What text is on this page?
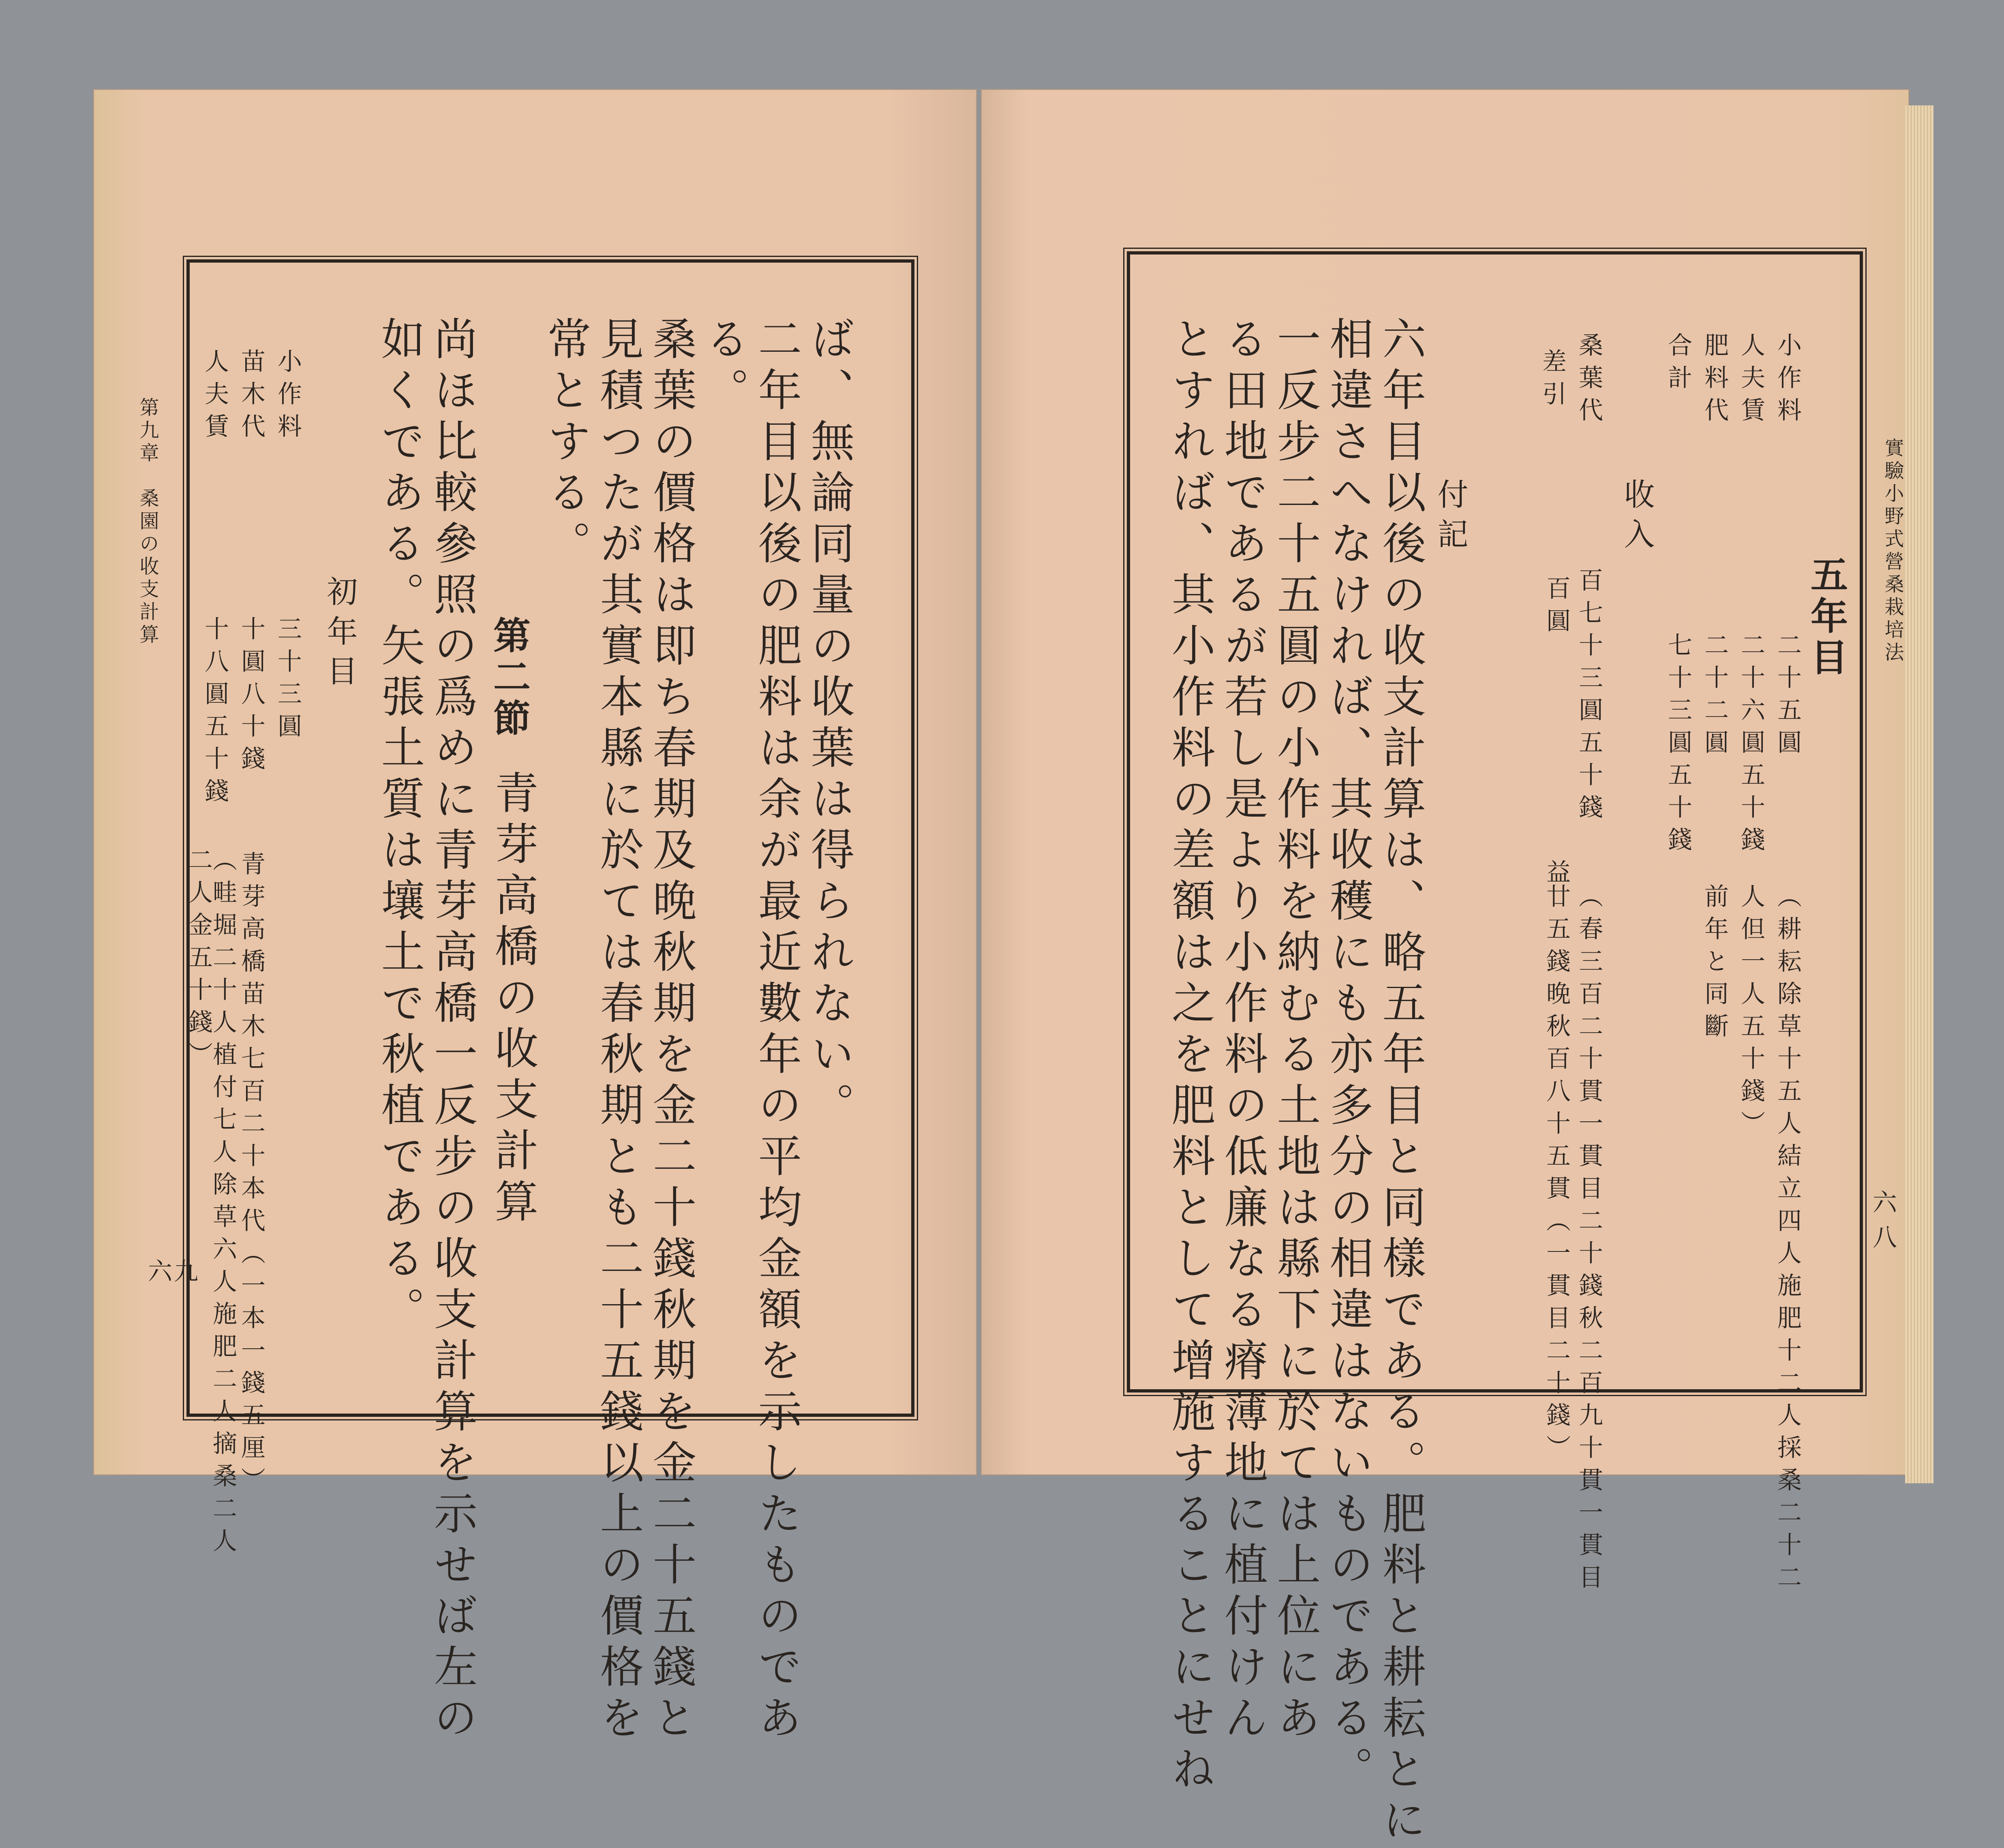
第九章　桑園の收支計算
六九
ば、無論同量の收葉は得られない。
二年目以後の肥料は余が最近數年の平均金額を示したものであ
る。
桑葉の價格は即ち春期及晚秋期を金二十錢秋期を金二十五錢と
見積つたが其實本縣に於ては春秋期とも二十五錢以上の價格を
常とする。
第二節
青芽高橋の收支計算
尚ほ比較參照の爲めに青芽高橋一反步の收支計算を示せば左の
如くである。矢張土質は壤土で秋植である。
初年目
小作料
三十三圓
苗木代
十圓八十錢
青芽高橋苗木七百二十本代（一本一錢五厘）
人夫賃
十八圓五十錢
（畦堀二十人植付七人除草六人施肥二人摘桑二人
二人金五十錢）
實驗小野式營桑栽培法
六八
五年目
小作料
二十五圓
（耕耘除草十五人結立四人施肥十二人採桑二十二
人夫賃
二十六圓五十錢
人但一人五十錢）
肥料代
二十二圓
前年と同斷
合計
七十三圓五十錢
收入
桑葉代
百七十三圓五十錢
（春三百二十貫一貫目二十錢秋二百九十貫一貫目
廿五錢晚秋百八十五貫（一貫目二十錢）
差引
百圓
益
付記
六年目以後の收支計算は、略五年目と同樣である。肥料と耕耘とに
相違さへなければ、其收穫にも亦多分の相違はないものである。
一反步二十五圓の小作料を納むる土地は縣下に於ては上位にあ
る田地であるが若し是より小作料の低廉なる瘠薄地に植付けん
とすれば、其小作料の差額は之を肥料として增施することにせね
